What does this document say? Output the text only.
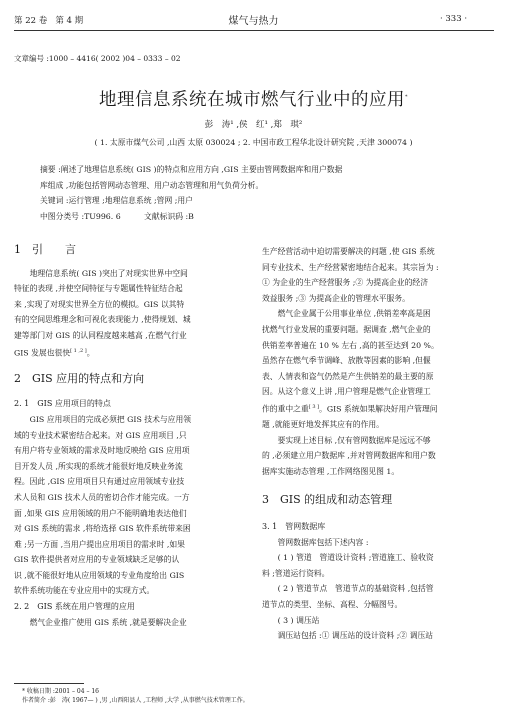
第 22 卷 第 4 期	煤气与热力	· 333 ·
文章编号 :1000 – 4416( 2002 )04 – 0333 – 02
地理信息系统在城市燃气行业中的应用*
彭　涛¹ ,侯　红¹ ,郑　琪²
( 1. 太原市煤气公司 ,山西 太原 030024 ; 2. 中国市政工程华北设计研究院 ,天津 300074 )

摘要 :阐述了地理信息系统( GIS )的特点和应用方向 ,GIS 主要由管网数据库和用户数据

库组成 ,功能包括管网动态管理、用户动态管理和用气负荷分析。

关键词 :运行管理 ;地理信息系统 ;管网 ;用户

中图分类号 :TU996. 6　　　文献标识码 :B

1　引　　言

地理信息系统( GIS )突出了对现实世界中空间

特征的表现 ,并使空间特征与专题属性特征结合起

来 ,实现了对现实世界全方位的模拟。GIS 以其特

有的空间思维理念和可视化表现能力 ,使得规划、城

建等部门对 GIS 的认同程度越来越高 ,在燃气行业

GIS 发展也很快[ 1 ,2 ]。

2　GIS 应用的特点和方向

2. 1　GIS 应用项目的特点

GIS 应用项目的完成必须把 GIS 技术与应用领

域的专业技术紧密结合起来。对 GIS 应用项目 ,只

有用户将专业领域的需求及时地反映给 GIS 应用项

目开发人员 ,所实现的系统才能很好地反映业务流

程。因此 ,GIS 应用项目只有通过应用领域专业技

术人员和 GIS 技术人员的密切合作才能完成。一方

面 ,如果 GIS 应用领域的用户不能明确地表达他们

对 GIS 系统的需求 ,将给选择 GIS 软件系统带来困

难 ;另一方面 ,当用户提出应用项目的需求时 ,如果

GIS 软件提供者对应用的专业领域缺乏足够的认

识 ,就不能很好地从应用领域的专业角度给出 GIS

软件系统功能在专业应用中的实现方式。

2. 2　GIS 系统在用户管理的应用

燃气企业推广使用 GIS 系统 ,就是要解决企业

生产经营活动中迫切需要解决的问题 ,使 GIS 系统

同专业技术、生产经营紧密地结合起来。其宗旨为 :

① 为企业的生产经营服务 ;② 为提高企业的经济

效益服务 ;③ 为提高企业的管理水平服务。

燃气企业属于公用事业单位 ,供销差率高是困

扰燃气行业发展的重要问题。据调查 ,燃气企业的

供销差率普遍在 10 % 左右 ,高的甚至达到 20 %。

虽然存在燃气季节调峰、放散等因素的影响 ,但偃

表、人情表和盗气仍然是产生供销差的最主要的原

因。从这个意义上讲 ,用户管理是燃气企业管理工

作的重中之重[ 3 ]。GIS 系统如果解决好用户管理问

题 ,就能更好地发挥其应有的作用。

要实现上述目标 ,仅有管网数据库是远远不够

的 ,必须建立用户数据库 ,并对管网数据库和用户数

据库实施动态管理 ,工作网络图见图 1。

3　GIS 的组成和动态管理

3. 1　管网数据库

管网数据库包括下述内容 :

( 1 ) 管道　管道设计资料 ;管道施工、验收资

料 ;管道运行资料。

( 2 ) 管道节点　管道节点的基础资料 ,包括管

道节点的类型、坐标、高程、分幅图号。

( 3 ) 调压站

调压站包括 :① 调压站的设计资料 ;② 调压站

* 收稿日期 :2001 – 04 – 16
作者简介 :彭　涛( 1967— ) ,男 ,山西阳县人 ,工程师 ,大学 ,从事燃气技术管理工作。
